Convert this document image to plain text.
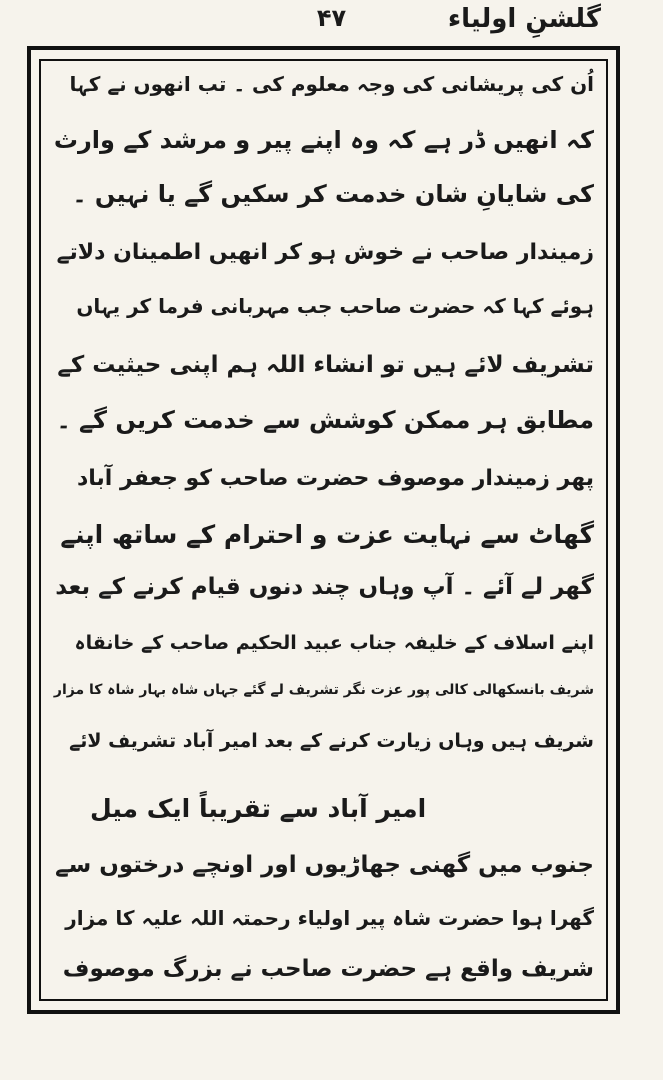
۴۷	گلشنِ اولیاء
اُن کی پریشانی کی وجہ معلوم کی ۔ تب انھوں نے کہا
کہ انھیں ڈر ہے کہ وہ اپنے پیر و مرشد کے وارث
کی شایانِ شان خدمت کر سکیں گے یا نہیں ۔
زمیندار صاحب نے خوش ہو کر انھیں اطمینان دلاتے
ہوئے کہا کہ حضرت صاحب جب مہربانی فرما کر یہاں
تشریف لائے ہیں تو انشاء اللہ ہم اپنی حیثیت کے
مطابق ہر ممکن کوشش سے خدمت کریں گے ۔
پھر زمیندار موصوف حضرت صاحب کو جعفر آباد
گھاٹ سے نہایت عزت و احترام کے ساتھ اپنے
گھر لے آئے ۔ آپ وہاں چند دنوں قیام کرنے کے بعد
اپنے اسلاف کے خلیفہ جناب عبید الحکیم صاحب کے خانقاہ
شریف بانسکھالی کالی پور عزت نگر تشریف لے گئے جہاں شاہ بہار شاہ کا مزار
شریف ہیں وہاں زیارت کرنے کے بعد امیر آباد تشریف لائے
امیر آباد سے تقریباً ایک میل
جنوب میں گھنی جھاڑیوں اور اونچے درختوں سے
گھرا ہوا حضرت شاہ پیر اولیاء رحمتہ اللہ علیہ کا مزار
شریف واقع ہے حضرت صاحب نے بزرگ موصوف
